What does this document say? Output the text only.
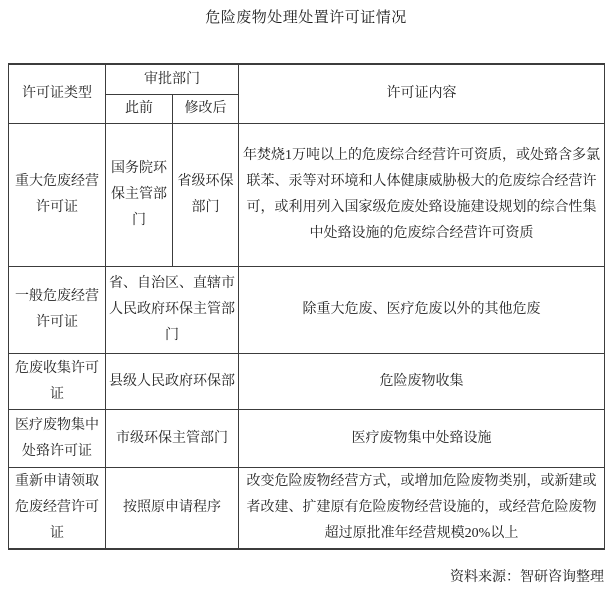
危险废物处理处置许可证情况
许可证类型	审批部门		许可证内容
	此前	修改后	
重大危废经营许可证	国务院环保主管部门	省级环保部门	年焚烧1万吨以上的危废综合经营许可资质，或处臵含多氯联苯、汞等对环境和人体健康威胁极大的危废综合经营许可，或利用列入国家级危废处臵设施建设规划的综合性集中处臵设施的危废综合经营许可资质
一般危废经营许可证	省、自治区、直辖市人民政府环保主管部门		除重大危废、医疗危废以外的其他危废
危废收集许可证	县级人民政府环保部		危险废物收集
医疗废物集中处臵许可证	市级环保主管部门		医疗废物集中处臵设施
重新申请领取危废经营许可证	按照原申请程序		改变危险废物经营方式，或增加危险废物类别，或新建或者改建、扩建原有危险废物经营设施的，或经营危险废物超过原批准年经营规模20%以上
资料来源：智研咨询整理
